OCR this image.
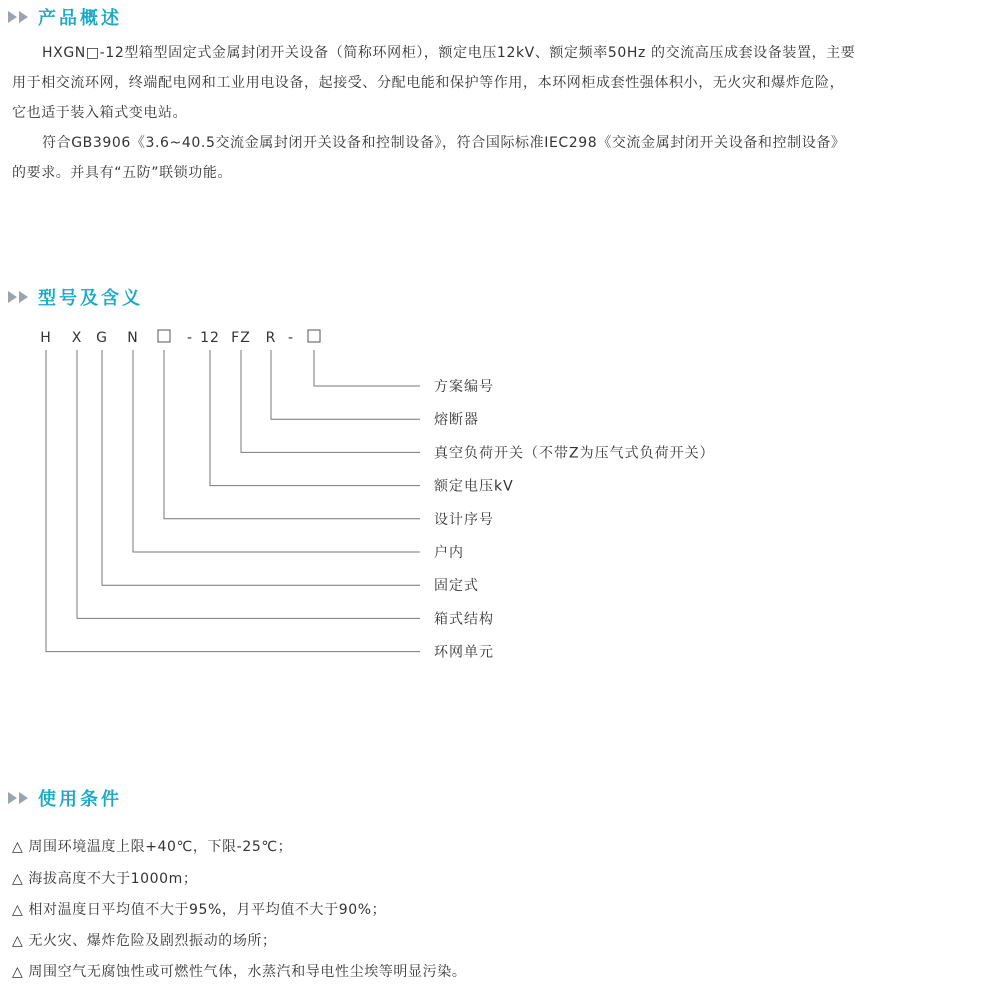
产品概述

HXGN□-12型箱型固定式金属封闭开关设备（简称环网柜），额定电压12kV、额定频率50Hz 的交流高压成套设备装置，主要

用于相交流环网，终端配电网和工业用电设备，起接受、分配电能和保护等作用，本环网柜成套性强体积小，无火灾和爆炸危险，

它也适于装入箱式变电站。

符合GB3906《3.6~40.5交流金属封闭开关设备和控制设备》，符合国际标准IEC298《交流金属封闭开关设备和控制设备》

的要求。并具有“五防”联锁功能。

型号及含义
H X G N	- 12 FZ R -
方案编号
熔断器
真空负荷开关（不带Z为压气式负荷开关）
额定电压kV
设计序号
户内
固定式
箱式结构
环网单元
使用条件
△ 周围环境温度上限+40℃，下限-25℃；
△ 海拔高度不大于1000m；
△ 相对温度日平均值不大于95%，月平均值不大于90%；
△ 无火灾、爆炸危险及剧烈振动的场所；
△ 周围空气无腐蚀性或可燃性气体，水蒸汽和导电性尘埃等明显污染。
